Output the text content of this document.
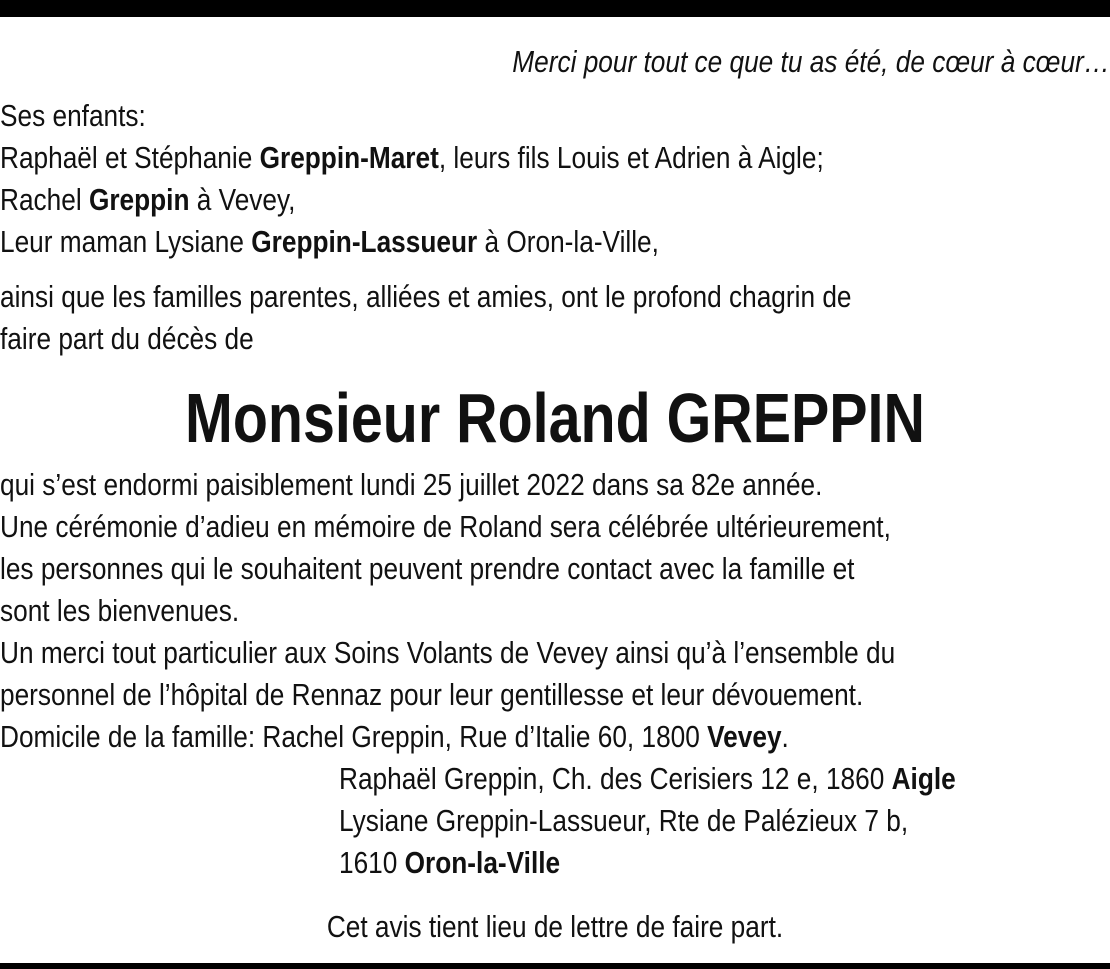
Merci pour tout ce que tu as été, de cœur à cœur…
Ses enfants:
Raphaël et Stéphanie Greppin-Maret, leurs fils Louis et Adrien à Aigle;
Rachel Greppin à Vevey,
Leur maman Lysiane Greppin-Lassueur à Oron-la-Ville,
ainsi que les familles parentes, alliées et amies, ont le profond chagrin de
faire part du décès de
Monsieur Roland GREPPIN
qui s’est endormi paisiblement lundi 25 juillet 2022 dans sa 82e année.
Une cérémonie d’adieu en mémoire de Roland sera célébrée ultérieurement,
les personnes qui le souhaitent peuvent prendre contact avec la famille et
sont les bienvenues.
Un merci tout particulier aux Soins Volants de Vevey ainsi qu’à l’ensemble du
personnel de l’hôpital de Rennaz pour leur gentillesse et leur dévouement.
Domicile de la famille: Rachel Greppin, Rue d’Italie 60, 1800 Vevey.
Raphaël Greppin, Ch. des Cerisiers 12 e, 1860 Aigle
Lysiane Greppin-Lassueur, Rte de Palézieux 7 b,
1610 Oron-la-Ville
Cet avis tient lieu de lettre de faire part.
